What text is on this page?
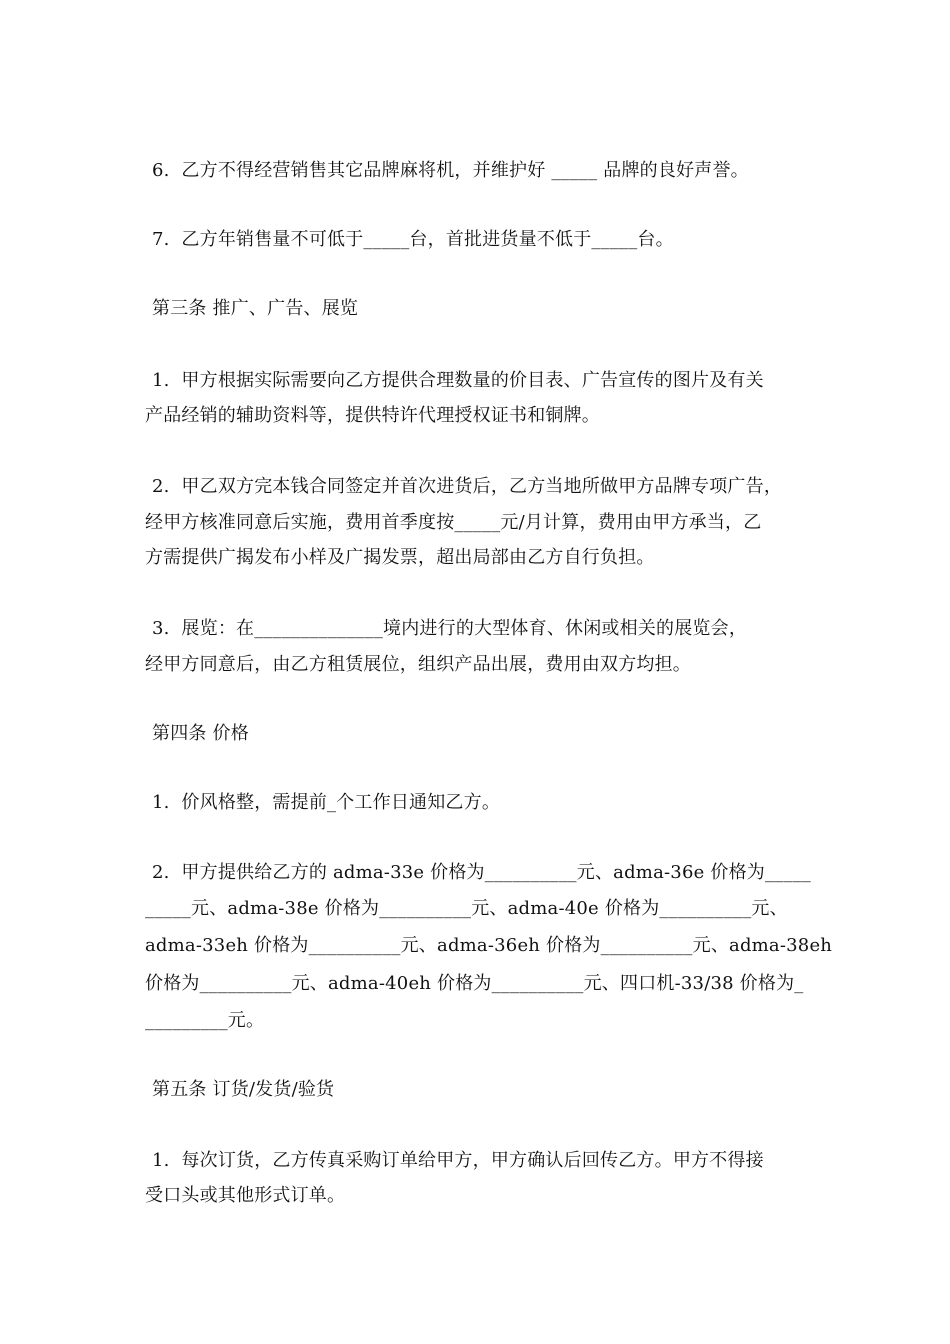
6.  乙方不得经营销售其它品牌麻将机，并维护好 _____ 品牌的良好声誉。
7.  乙方年销售量不可低于_____台，首批进货量不低于_____台。
第三条 推广、广告、展览
1.  甲方根据实际需要向乙方提供合理数量的价目表、广告宣传的图片及有关
产品经销的辅助资料等，提供特许代理授权证书和铜牌。
2.  甲乙双方完本钱合同签定并首次进货后，乙方当地所做甲方品牌专项广告，
经甲方核准同意后实施，费用首季度按_____元/月计算，费用由甲方承当，乙
方需提供广揭发布小样及广揭发票，超出局部由乙方自行负担。
3.  展览：在______________境内进行的大型体育、休闲或相关的展览会，
经甲方同意后，由乙方租赁展位，组织产品出展，费用由双方均担。
第四条 价格
1.  价风格整，需提前_个工作日通知乙方。
2.  甲方提供给乙方的 adma-33e 价格为__________元、adma-36e 价格为_____
_____元、adma-38e 价格为__________元、adma-40e 价格为__________元、
adma-33eh 价格为__________元、adma-36eh 价格为__________元、adma-38eh
价格为__________元、adma-40eh 价格为__________元、四口机-33/38 价格为_
_________元。
第五条 订货/发货/验货
1.  每次订货，乙方传真采购订单给甲方，甲方确认后回传乙方。甲方不得接
受口头或其他形式订单。
